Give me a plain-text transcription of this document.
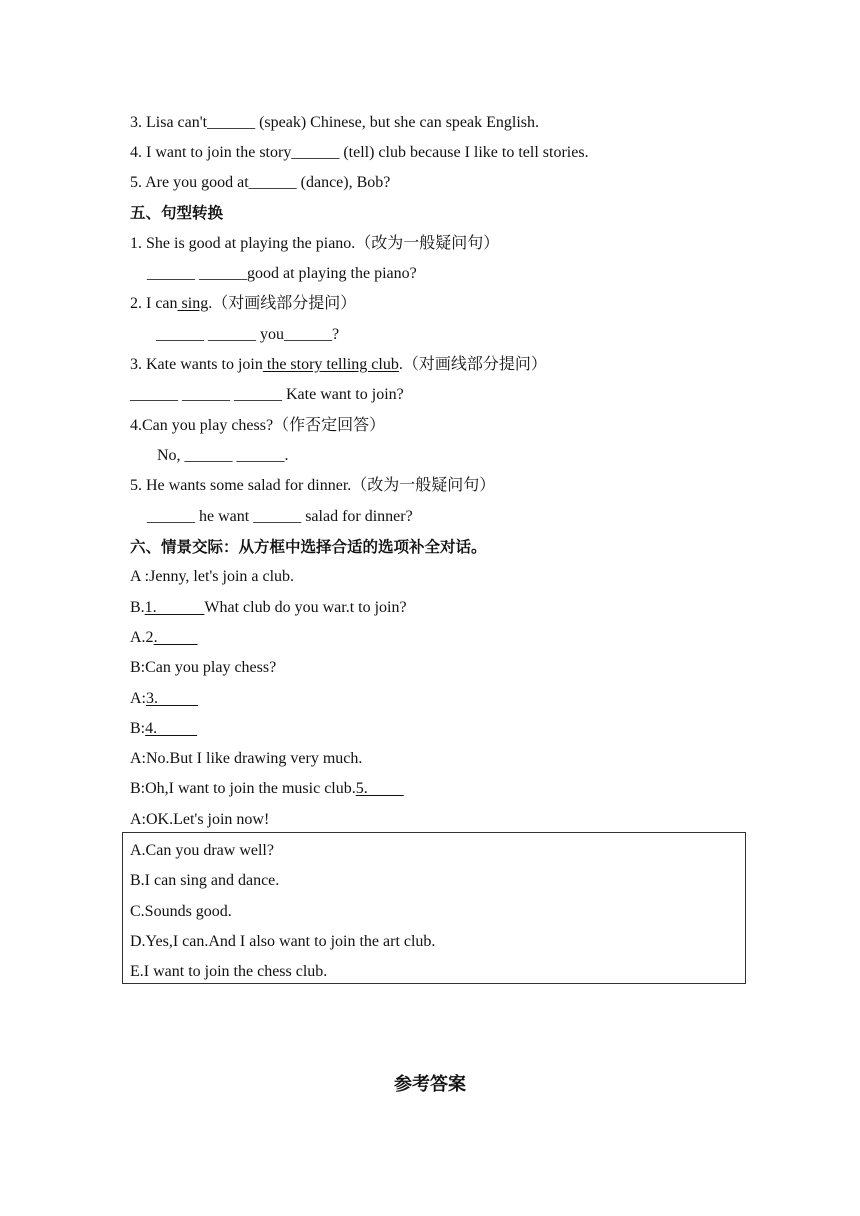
3. Lisa can't______ (speak) Chinese, but she can speak English.
4. I want to join the story______ (tell) club because I like to tell stories.
5. Are you good at______ (dance), Bob?
五、句型转换
1. She is good at playing the piano.（改为一般疑问句）
______ ______good at playing the piano?
2. I can sing.（对画线部分提问）
______ ______ you______?
3. Kate wants to join the story telling club.（对画线部分提问）
______ ______ ______ Kate want to join?
4.Can you play chess?（作否定回答）
No, ______ ______.
5. He wants some salad for dinner.（改为一般疑问句）
______ he want ______ salad for dinner?
六、情景交际：从方框中选择合适的选项补全对话。
A :Jenny, let's join a club.
B.1.            What club do you war.t to join?
A.2.
B:Can you play chess?
A:3.
B:4.
A:No.But I like drawing very much.
B:Oh,I want to join the music club.5.
A:OK.Let's join now!
A.Can you draw well?
B.I can sing and dance.
C.Sounds good.
D.Yes,I can.And I also want to join the art club.
E.I want to join the chess club.
参考答案
